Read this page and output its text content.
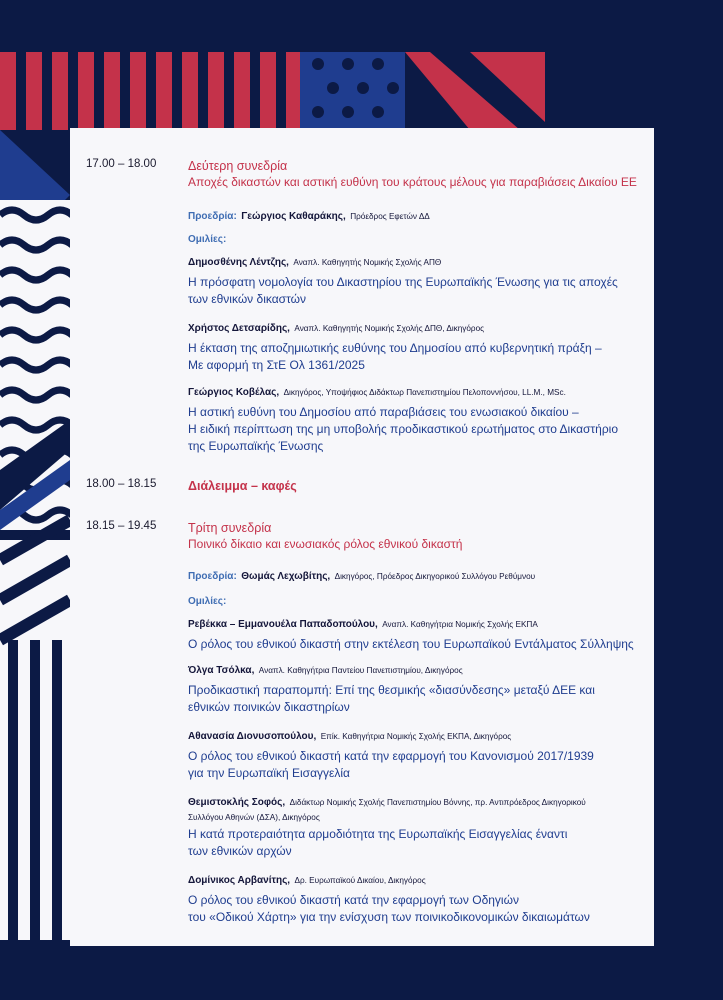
17.00 – 18.00	Δεύτερη συνεδρία
Αποχές δικαστών και αστική ευθύνη του κράτους μέλους για παραβιάσεις Δικαίου ΕΕ
Προεδρία: Γεώργιος Καθαράκης, Πρόεδρος Εφετών ΔΔ
Ομιλίες:
Δημοσθένης Λέντζης, Αναπλ. Καθηγητής Νομικής Σχολής ΑΠΘ
Η πρόσφατη νομολογία του Δικαστηρίου της Ευρωπαϊκής Ένωσης για τις αποχές
των εθνικών δικαστών
Χρήστος Δετσαρίδης, Αναπλ. Καθηγητής Νομικής Σχολής ΔΠΘ, Δικηγόρος
Η έκταση της αποζημιωτικής ευθύνης του Δημοσίου από κυβερνητική πράξη –
Με αφορμή τη ΣτΕ Ολ 1361/2025
Γεώργιος Κοβέλας, Δικηγόρος, Υποψήφιος Διδάκτωρ Πανεπιστημίου Πελοποννήσου, LL.M., MSc.
Η αστική ευθύνη του Δημοσίου από παραβιάσεις του ενωσιακού δικαίου –
Η ειδική περίπτωση της μη υποβολής προδικαστικού ερωτήματος στο Δικαστήριο
της Ευρωπαϊκής Ένωσης
18.00 – 18.15	Διάλειμμα – καφές
18.15 – 19.45	Τρίτη συνεδρία
Ποινικό δίκαιο και ενωσιακός ρόλος εθνικού δικαστή
Προεδρία: Θωμάς Λεχωβίτης, Δικηγόρος, Πρόεδρος Δικηγορικού Συλλόγου Ρεθύμνου
Ομιλίες:
Ρεβέκκα – Εμμανουέλα Παπαδοπούλου, Αναπλ. Καθηγήτρια Νομικής Σχολής ΕΚΠΑ
Ο ρόλος του εθνικού δικαστή στην εκτέλεση του Ευρωπαϊκού Εντάλματος Σύλληψης
Όλγα Τσόλκα, Αναπλ. Καθηγήτρια Παντείου Πανεπιστημίου, Δικηγόρος
Προδικαστική παραπομπή: Επί της θεσμικής «διασύνδεσης» μεταξύ ΔΕΕ και
εθνικών ποινικών δικαστηρίων
Αθανασία Διονυσοπούλου, Επίκ. Καθηγήτρια Νομικής Σχολής ΕΚΠΑ, Δικηγόρος
Ο ρόλος του εθνικού δικαστή κατά την εφαρμογή του Κανονισμού 2017/1939
για την Ευρωπαϊκή Εισαγγελία
Θεμιστοκλής Σοφός, Διδάκτωρ Νομικής Σχολής Πανεπιστημίου Βόννης, πρ. Αντιπρόεδρος Δικηγορικού
Συλλόγου Αθηνών (ΔΣΑ), Δικηγόρος
Η κατά προτεραιότητα αρμοδιότητα της Ευρωπαϊκής Εισαγγελίας έναντι
των εθνικών αρχών
Δομίνικος Αρβανίτης, Δρ. Ευρωπαϊκού Δικαίου, Δικηγόρος
Ο ρόλος του εθνικού δικαστή κατά την εφαρμογή των Οδηγιών
του «Οδικού Χάρτη» για την ενίσχυση των ποινικοδικονομικών δικαιωμάτων
